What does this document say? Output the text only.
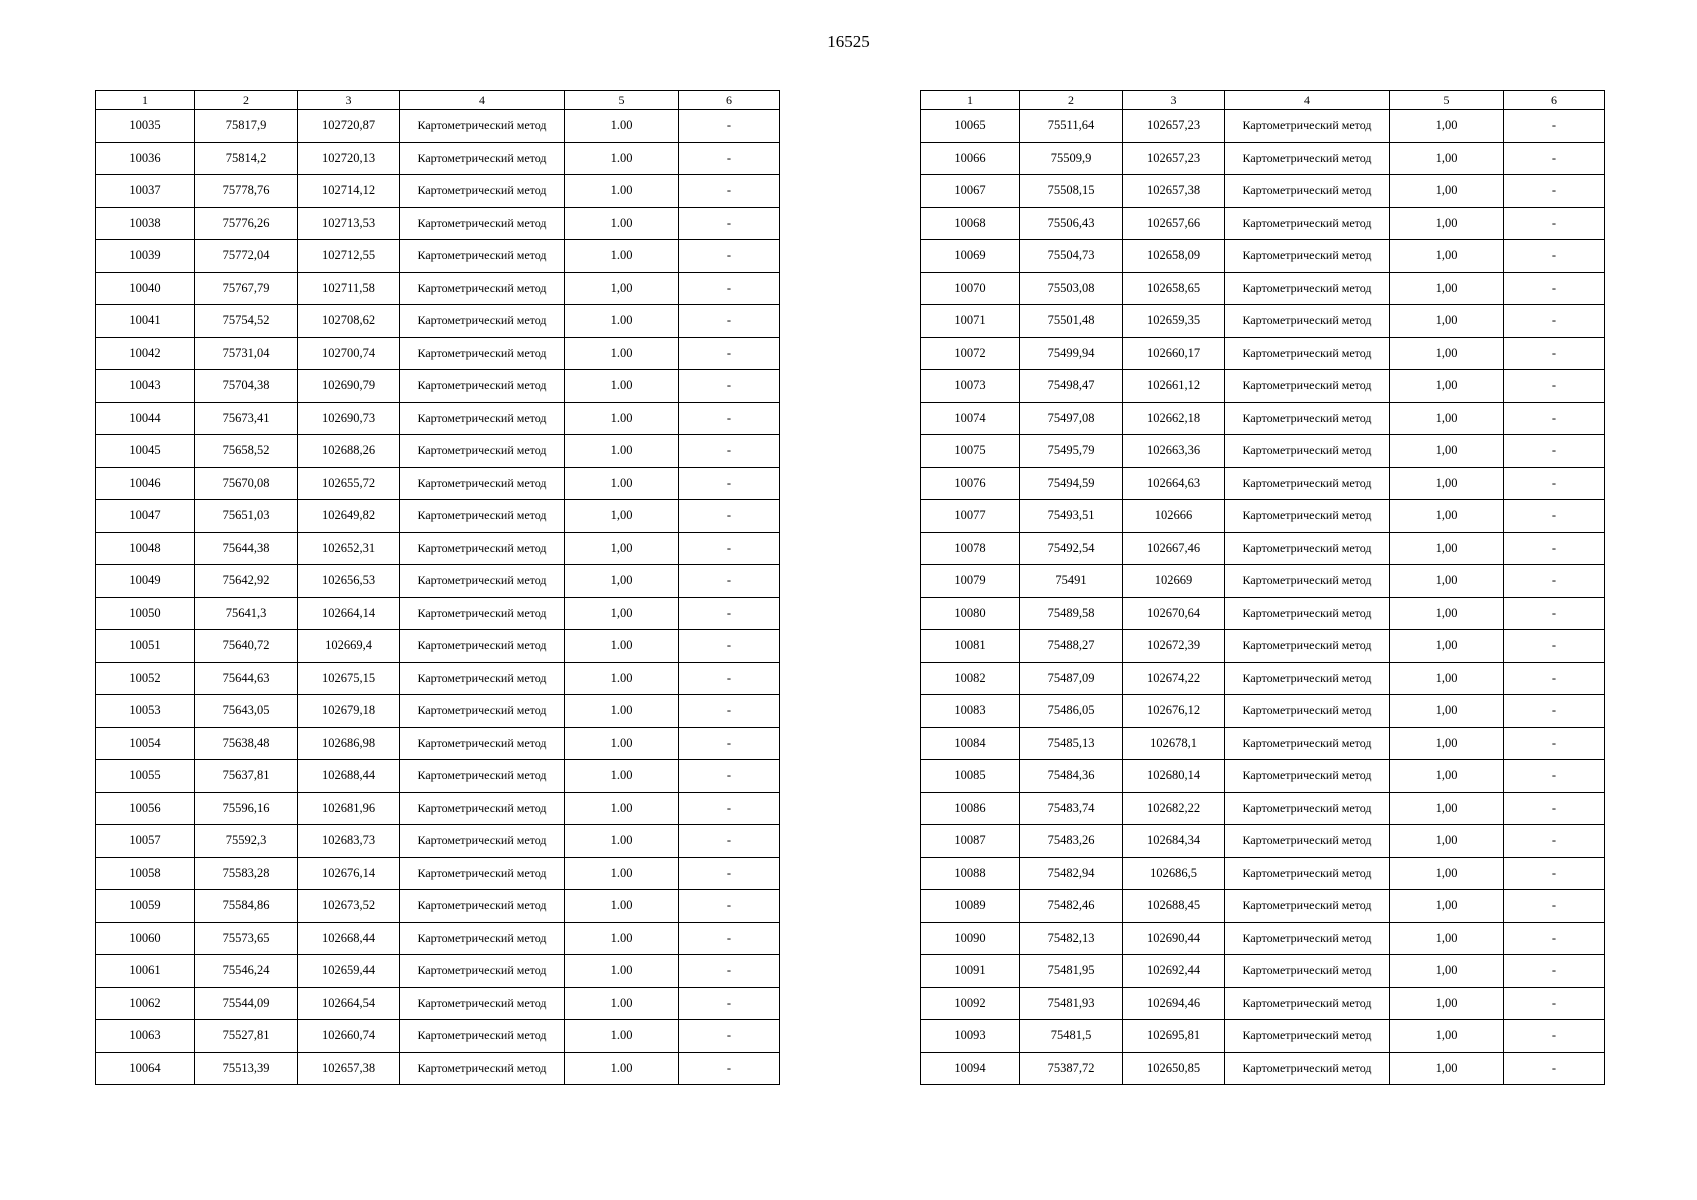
16525
1	2	3	4	5	6
10035	75817,9	102720,87	Картометрический метод	1.00	-
10036	75814,2	102720,13	Картометрический метод	1.00	-
10037	75778,76	102714,12	Картометрический метод	1.00	-
10038	75776,26	102713,53	Картометрический метод	1.00	-
10039	75772,04	102712,55	Картометрический метод	1.00	-
10040	75767,79	102711,58	Картометрический метод	1,00	-
10041	75754,52	102708,62	Картометрический метод	1.00	-
10042	75731,04	102700,74	Картометрический метод	1.00	-
10043	75704,38	102690,79	Картометрический метод	1.00	-
10044	75673,41	102690,73	Картометрический метод	1.00	-
10045	75658,52	102688,26	Картометрический метод	1.00	-
10046	75670,08	102655,72	Картометрический метод	1.00	-
10047	75651,03	102649,82	Картометрический метод	1,00	-
10048	75644,38	102652,31	Картометрический метод	1,00	-
10049	75642,92	102656,53	Картометрический метод	1,00	-
10050	75641,3	102664,14	Картометрический метод	1,00	-
10051	75640,72	102669,4	Картометрический метод	1.00	-
10052	75644,63	102675,15	Картометрический метод	1.00	-
10053	75643,05	102679,18	Картометрический метод	1.00	-
10054	75638,48	102686,98	Картометрический метод	1.00	-
10055	75637,81	102688,44	Картометрический метод	1.00	-
10056	75596,16	102681,96	Картометрический метод	1.00	-
10057	75592,3	102683,73	Картометрический метод	1.00	-
10058	75583,28	102676,14	Картометрический метод	1.00	-
10059	75584,86	102673,52	Картометрический метод	1.00	-
10060	75573,65	102668,44	Картометрический метод	1.00	-
10061	75546,24	102659,44	Картометрический метод	1.00	-
10062	75544,09	102664,54	Картометрический метод	1.00	-
10063	75527,81	102660,74	Картометрический метод	1.00	-
10064	75513,39	102657,38	Картометрический метод	1.00	-
1	2	3	4	5	6
10065	75511,64	102657,23	Картометрический метод	1,00	-
10066	75509,9	102657,23	Картометрический метод	1,00	-
10067	75508,15	102657,38	Картометрический метод	1,00	-
10068	75506,43	102657,66	Картометрический метод	1,00	-
10069	75504,73	102658,09	Картометрический метод	1,00	-
10070	75503,08	102658,65	Картометрический метод	1,00	-
10071	75501,48	102659,35	Картометрический метод	1,00	-
10072	75499,94	102660,17	Картометрический метод	1,00	-
10073	75498,47	102661,12	Картометрический метод	1,00	-
10074	75497,08	102662,18	Картометрический метод	1,00	-
10075	75495,79	102663,36	Картометрический метод	1,00	-
10076	75494,59	102664,63	Картометрический метод	1,00	-
10077	75493,51	102666	Картометрический метод	1,00	-
10078	75492,54	102667,46	Картометрический метод	1,00	-
10079	75491	102669	Картометрический метод	1,00	-
10080	75489,58	102670,64	Картометрический метод	1,00	-
10081	75488,27	102672,39	Картометрический метод	1,00	-
10082	75487,09	102674,22	Картометрический метод	1,00	-
10083	75486,05	102676,12	Картометрический метод	1,00	-
10084	75485,13	102678,1	Картометрический метод	1,00	-
10085	75484,36	102680,14	Картометрический метод	1,00	-
10086	75483,74	102682,22	Картометрический метод	1,00	-
10087	75483,26	102684,34	Картометрический метод	1,00	-
10088	75482,94	102686,5	Картометрический метод	1,00	-
10089	75482,46	102688,45	Картометрический метод	1,00	-
10090	75482,13	102690,44	Картометрический метод	1,00	-
10091	75481,95	102692,44	Картометрический метод	1,00	-
10092	75481,93	102694,46	Картометрический метод	1,00	-
10093	75481,5	102695,81	Картометрический метод	1,00	-
10094	75387,72	102650,85	Картометрический метод	1,00	-
